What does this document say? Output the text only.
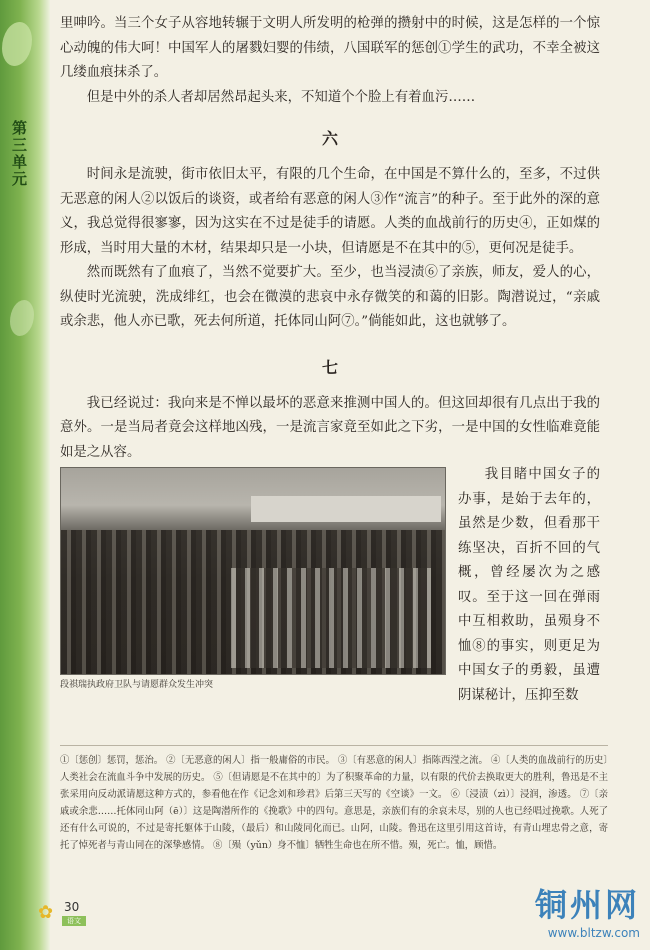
第三单元

里呻吟。当三个女子从容地转辗于文明人所发明的枪弹的攒射中的时候，这是怎样的一个惊心动魄的伟大呵！中国军人的屠戮妇婴的伟绩，八国联军的惩创①学生的武功，不幸全被这几缕血痕抹杀了。

但是中外的杀人者却居然昂起头来，不知道个个脸上有着血污……

六

时间永是流驶，街市依旧太平，有限的几个生命，在中国是不算什么的，至多，不过供无恶意的闲人②以饭后的谈资，或者给有恶意的闲人③作“流言”的种子。至于此外的深的意义，我总觉得很寥寥，因为这实在不过是徒手的请愿。人类的血战前行的历史④，正如煤的形成，当时用大量的木材，结果却只是一小块，但请愿是不在其中的⑤，更何况是徒手。

然而既然有了血痕了，当然不觉要扩大。至少，也当浸渍⑥了亲族，师友，爱人的心，纵使时光流驶，洗成绯红，也会在微漠的悲哀中永存微笑的和蔼的旧影。陶潜说过，“亲戚或余悲，他人亦已歌，死去何所道，托体同山阿⑦。”倘能如此，这也就够了。

七

我已经说过：我向来是不惮以最坏的恶意来推测中国人的。但这回却很有几点出于我的意外。一是当局者竟会这样地凶残，一是流言家竟至如此之下劣，一是中国的女性临难竟能如是之从容。

段祺瑞执政府卫队与请愿群众发生冲突

我目睹中国女子的办事，是始于去年的，虽然是少数，但看那干练坚决，百折不回的气概，曾经屡次为之感叹。至于这一回在弹雨中互相救助，虽殒身不恤⑧的事实，则更足为中国女子的勇毅，虽遭阴谋秘计，压抑至数

①〔惩创〕惩罚，惩治。 ②〔无恶意的闲人〕指一般庸俗的市民。 ③〔有恶意的闲人〕指陈西滢之流。 ④〔人类的血战前行的历史〕人类社会在流血斗争中发展的历史。 ⑤〔但请愿是不在其中的〕为了积聚革命的力量，以有限的代价去换取更大的胜利，鲁迅是不主张采用向反动派请愿这种方式的，参看他在作《记念刘和珍君》后第三天写的《空谈》一文。 ⑥〔浸渍（zì）〕浸润，渗透。 ⑦〔亲戚或余悲……托体同山阿（ē）〕这是陶潜所作的《挽歌》中的四句。意思是，亲族们有的余哀未尽，别的人也已经唱过挽歌。人死了还有什么可说的，不过是寄托躯体于山陵，（最后）和山陵同化而已。山阿，山陵。鲁迅在这里引用这首诗，有青山埋忠骨之意，寄托了悼死者与青山同在的深挚感情。 ⑧〔殒（yǔn）身不恤〕牺牲生命也在所不惜。殒，死亡。恤，顾惜。

✿ 30
语文	铜州网
www.bltzw.com
